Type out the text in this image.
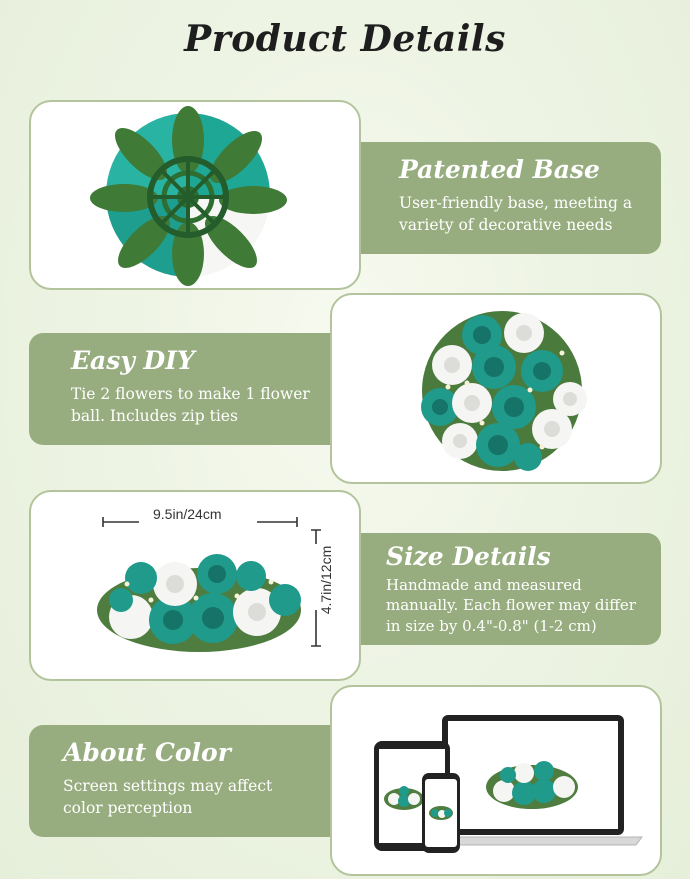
Product Details
Patented Base

User-friendly base, meeting a variety of decorative needs

Easy DIY

Tie 2 flowers to make 1 flower ball. Includes zip ties

9.5in/24cm
4.7in/12cm Size Details

Handmade and measured manually. Each flower may differ in size by 0.4"-0.8" (1-2 cm)

About Color

Screen settings may affect color perception
